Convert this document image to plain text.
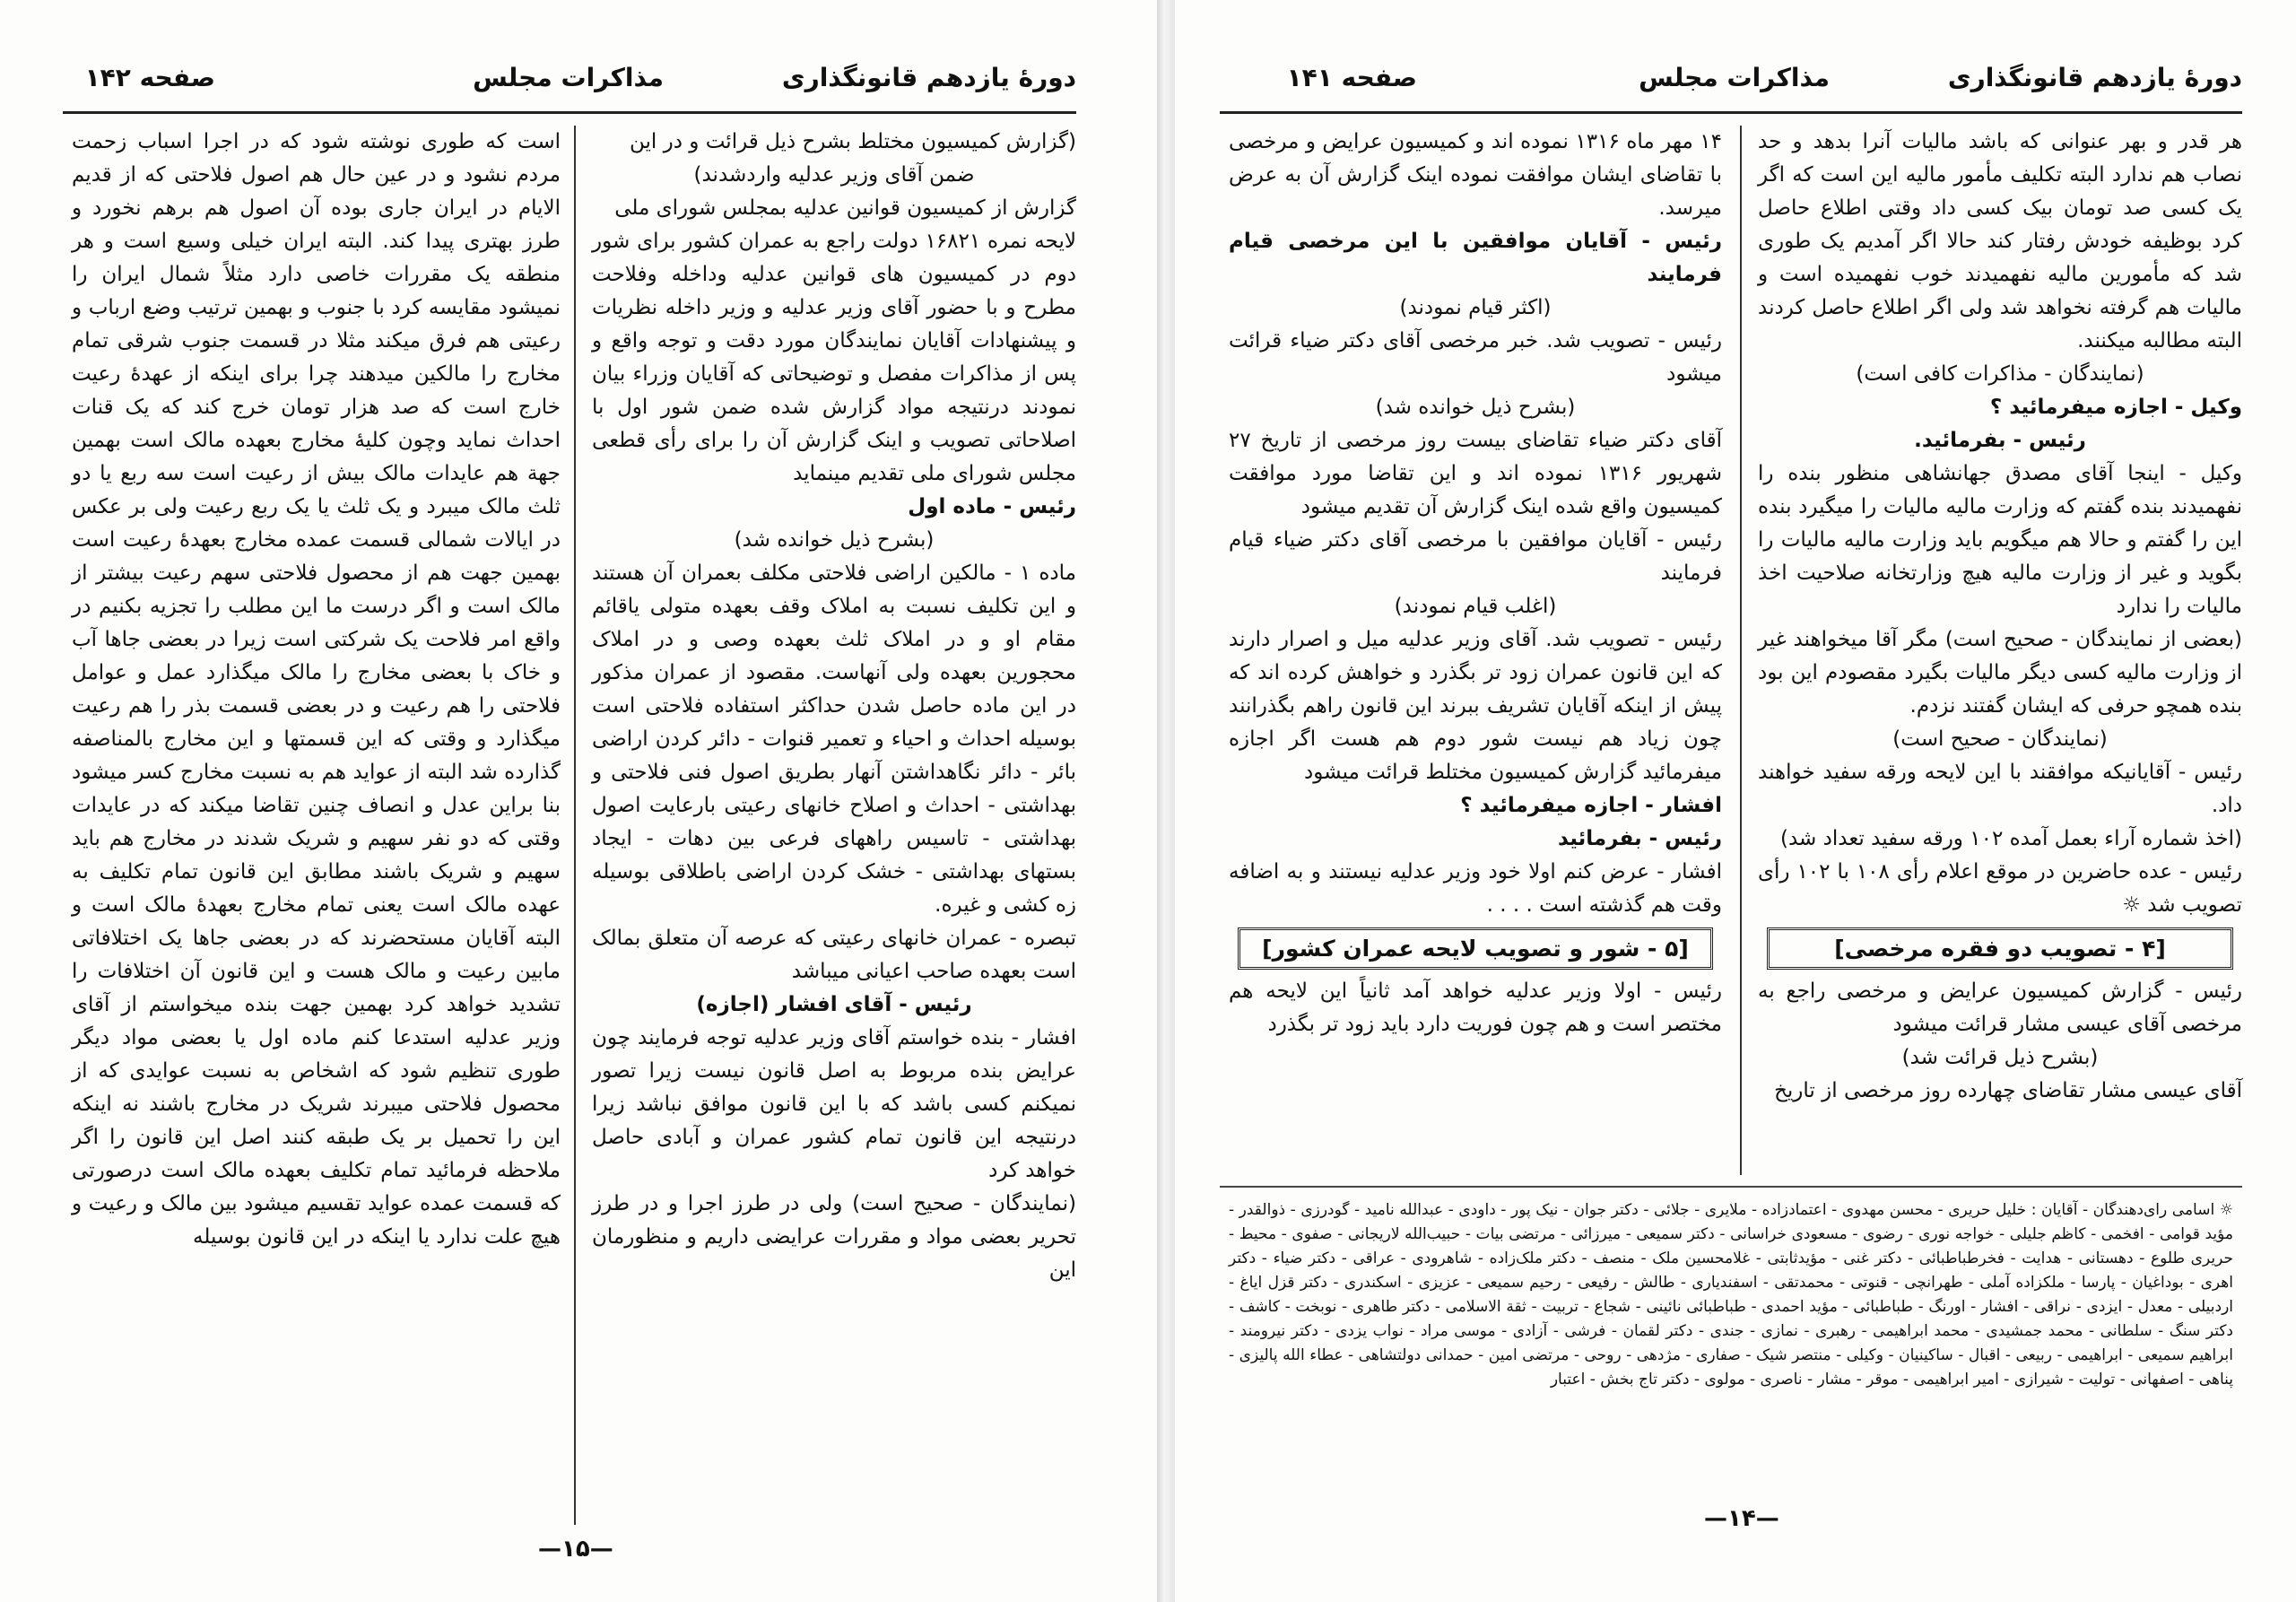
دورهٔ یازدهم قانونگذاری
مذاکرات مجلس
صفحه ۱۴۲

(گزارش کمیسیون مختلط بشرح ذیل قرائت و در این

ضمن آقای وزیر عدلیه واردشدند)

گزارش از کمیسیون قوانین عدلیه بمجلس شورای ملی

لایحه نمره ۱۶۸۲۱ دولت راجع به عمران کشور برای شور دوم در کمیسیون های قوانین عدلیه وداخله وفلاحت مطرح و با حضور آقای وزیر عدلیه و وزیر داخله نظریات و پیشنهادات آقایان نمایندگان مورد دقت و توجه واقع و پس از مذاکرات مفصل و توضیحاتی که آقایان وزراء بیان نمودند درنتیجه مواد گزارش شده ضمن شور اول با اصلاحاتی تصویب و اینک گزارش آن را برای رأی قطعی مجلس شورای ملی تقدیم مینماید

رئیس - ماده اول

(بشرح ذیل خوانده شد)

ماده ۱ - مالکین اراضی فلاحتی مکلف بعمران آن هستند و این تکلیف نسبت به املاک وقف بعهده متولی یاقائم مقام او و در املاک ثلث بعهده وصی و در املاک محجورین بعهده ولی آنهاست. مقصود از عمران مذکور در این ماده حاصل شدن حداکثر استفاده فلاحتی است بوسیله احداث و احیاء و تعمیر قنوات - دائر کردن اراضی بائر - دائر نگاهداشتن آنهار بطریق اصول فنی فلاحتی و بهداشتی - احداث و اصلاح خانهای رعیتی بارعایت اصول بهداشتی - تاسیس راههای فرعی بین دهات - ایجاد بستهای بهداشتی - خشک کردن اراضی باطلاقی بوسیله زه کشی و غیره.

تبصره - عمران خانهای رعیتی که عرصه آن متعلق بمالک است بعهده صاحب اعیانی میباشد

رئیس - آقای افشار (اجازه)

افشار - بنده خواستم آقای وزیر عدلیه توجه فرمایند چون عرایض بنده مربوط به اصل قانون نیست زیرا تصور نمیکنم کسی باشد که با این قانون موافق نباشد زیرا درنتیجه این قانون تمام کشور عمران و آبادی حاصل خواهد کرد

(نمایندگان - صحیح است) ولی در طرز اجرا و در طرز تحریر بعضی مواد و مقررات عرایضی داریم و منظورمان این

است که طوری نوشته شود که در اجرا اسباب زحمت مردم نشود و در عین حال هم اصول فلاحتی که از قدیم الایام در ایران جاری بوده آن اصول هم برهم نخورد و طرز بهتری پیدا کند. البته ایران خیلی وسیع است و هر منطقه یک مقررات خاصی دارد مثلاً شمال ایران را نمیشود مقایسه کرد با جنوب و بهمین ترتیب وضع ارباب و رعیتی هم فرق میکند مثلا در قسمت جنوب شرقی تمام مخارج را مالکین میدهند چرا برای اینکه از عهدهٔ رعیت خارج است که صد هزار تومان خرج کند که یک قنات احداث نماید وچون کلیهٔ مخارج بعهده مالک است بهمین جهة هم عایدات مالک بیش از رعیت است سه ربع یا دو ثلث مالک میبرد و یک ثلث یا یک ربع رعیت ولی بر عکس در ایالات شمالی قسمت عمده مخارج بعهدهٔ رعیت است بهمین جهت هم از محصول فلاحتی سهم رعیت بیشتر از مالک است و اگر درست ما این مطلب را تجزیه بکنیم در واقع امر فلاحت یک شرکتی است زیرا در بعضی جاها آب و خاک با بعضی مخارج را مالک میگذارد عمل و عوامل فلاحتی را هم رعیت و در بعضی قسمت بذر را هم رعیت میگذارد و وقتی که این قسمتها و این مخارج بالمناصفه گذارده شد البته از عواید هم به نسبت مخارج کسر میشود بنا براین عدل و انصاف چنین تقاضا میکند که در عایدات وقتی که دو نفر سهیم و شریک شدند در مخارج هم باید سهیم و شریک باشند مطابق این قانون تمام تکلیف به عهده مالک است یعنی تمام مخارج بعهدهٔ مالک است و البته آقایان مستحضرند که در بعضی جاها یک اختلافاتی مابین رعیت و مالک هست و این قانون آن اختلافات را تشدید خواهد کرد بهمین جهت بنده میخواستم از آقای وزیر عدلیه استدعا کنم ماده اول یا بعضی مواد دیگر طوری تنظیم شود که اشخاص به نسبت عوایدی که از محصول فلاحتی میبرند شریک در مخارج باشند نه اینکه این را تحمیل بر یک طبقه کنند اصل این قانون را اگر ملاحظه فرمائید تمام تکلیف بعهده مالک است درصورتی که قسمت عمده عواید تقسیم میشود بین مالک و رعیت و هیچ علت ندارد یا اینکه در این قانون بوسیله

—۱۵—
دورهٔ یازدهم قانونگذاری
مذاکرات مجلس
صفحه ۱۴۱

هر قدر و بهر عنوانی که باشد مالیات آنرا بدهد و حد نصاب هم ندارد البته تکلیف مأمور مالیه این است که اگر یک کسی صد تومان بیک کسی داد وقتی اطلاع حاصل کرد بوظیفه خودش رفتار کند حالا اگر آمدیم یک طوری شد که مأمورین مالیه نفهمیدند خوب نفهمیده است و مالیات هم گرفته نخواهد شد ولی اگر اطلاع حاصل کردند البته مطالبه میکنند.

(نمایندگان - مذاکرات کافی است)

وکیل - اجازه میفرمائید ؟

رئیس - بفرمائید.

وکیل - اینجا آقای مصدق جهانشاهی منظور بنده را نفهمیدند بنده گفتم که وزارت مالیه مالیات را میگیرد بنده این را گفتم و حالا هم میگویم باید وزارت مالیه مالیات را بگوید و غیر از وزارت مالیه هیچ وزارتخانه صلاحیت اخذ مالیات را ندارد

(بعضی از نمایندگان - صحیح است) مگر آقا میخواهند غیر از وزارت مالیه کسی دیگر مالیات بگیرد مقصودم این بود بنده همچو حرفی که ایشان گفتند نزدم.

(نمایندگان - صحیح است)

رئیس - آقایانیکه موافقند با این لایحه ورقه سفید خواهند داد.

(اخذ شماره آراء بعمل آمده ۱۰۲ ورقه سفید تعداد شد)

رئیس - عده حاضرین در موقع اعلام رأی ۱۰۸ با ۱۰۲ رأی تصویب شد ☼

[۴ - تصویب دو فقره مرخصی]

رئیس - گزارش کمیسیون عرایض و مرخصی راجع به مرخصی آقای عیسی مشار قرائت میشود

(بشرح ذیل قرائت شد)

آقای عیسی مشار تقاضای چهارده روز مرخصی از تاریخ

۱۴ مهر ماه ۱۳۱۶ نموده اند و کمیسیون عرایض و مرخصی با تقاضای ایشان موافقت نموده اینک گزارش آن به عرض میرسد.

رئیس - آقایان موافقین با این مرخصی قیام فرمایند

(اکثر قیام نمودند)

رئیس - تصویب شد. خبر مرخصی آقای دکتر ضیاء قرائت میشود

(بشرح ذیل خوانده شد)

آقای دکتر ضیاء تقاضای بیست روز مرخصی از تاریخ ۲۷ شهریور ۱۳۱۶ نموده اند و این تقاضا مورد موافقت کمیسیون واقع شده اینک گزارش آن تقدیم میشود

رئیس - آقایان موافقین با مرخصی آقای دکتر ضیاء قیام فرمایند

(اغلب قیام نمودند)

رئیس - تصویب شد. آقای وزیر عدلیه میل و اصرار دارند که این قانون عمران زود تر بگذرد و خواهش کرده اند که پیش از اینکه آقایان تشریف ببرند این قانون راهم بگذرانند چون زیاد هم نیست شور دوم هم هست اگر اجازه میفرمائید گزارش کمیسیون مختلط قرائت میشود

افشار - اجازه میفرمائید ؟

رئیس - بفرمائید

افشار - عرض کنم اولا خود وزیر عدلیه نیستند و به اضافه وقت هم گذشته است . . . .

[۵ - شور و تصویب لایحه عمران کشور]

رئیس - اولا وزیر عدلیه خواهد آمد ثانیاً این لایحه هم مختصر است و هم چون فوریت دارد باید زود تر بگذرد

☼ اسامی رای‌دهندگان - آقایان : خلیل حریری - محسن مهدوی - اعتمادزاده - ملایری - جلائی - دکتر جوان - نیک پور - داودی - عبدالله نامید - گودرزی - ذوالقدر - مؤید قوامی - افخمی - کاظم جلیلی - خواجه نوری - رضوی - مسعودی خراسانی - دکتر سمیعی - میرزائی - مرتضی بیات - حبیب‌الله لاریجانی - صفوی - محیط - حریری طلوع - دهستانی - هدایت - فخرطباطبائی - دکتر غنی - مؤیدثابتی - غلامحسین ملک - منصف - دکتر ملک‌زاده - شاهرودی - عراقی - دکتر ضیاء - دکتر اهری - بوداغیان - پارسا - ملکزاده آملی - طهرانچی - قنوتی - محمدتقی - اسفندیاری - طالش - رفیعی - رحیم سمیعی - عزیزی - اسکندری - دکتر قزل ایاغ - اردبیلی - معدل - ایزدی - نراقی - افشار - اورنگ - طباطبائی - مؤید احمدی - طباطبائی نائینی - شجاع - تربیت - ثقة الاسلامی - دکتر طاهری - نوبخت - کاشف - دکتر سنگ - سلطانی - محمد جمشیدی - محمد ابراهیمی - رهبری - نمازی - جندی - دکتر لقمان - فرشی - آزادی - موسی مراد - نواب یزدی - دکتر نیرومند - ابراهیم سمیعی - ابراهیمی - ربیعی - اقبال - ساکینیان - وکیلی - منتصر شیک - صفاری - مژدهی - روحی - مرتضی امین - حمدانی دولتشاهی - عطاء الله پالیزی - پناهی - اصفهانی - تولیت - شیرازی - امیر ابراهیمی - موقر - مشار - ناصری - مولوی - دکتر تاج بخش - اعتبار
—۱۴—
